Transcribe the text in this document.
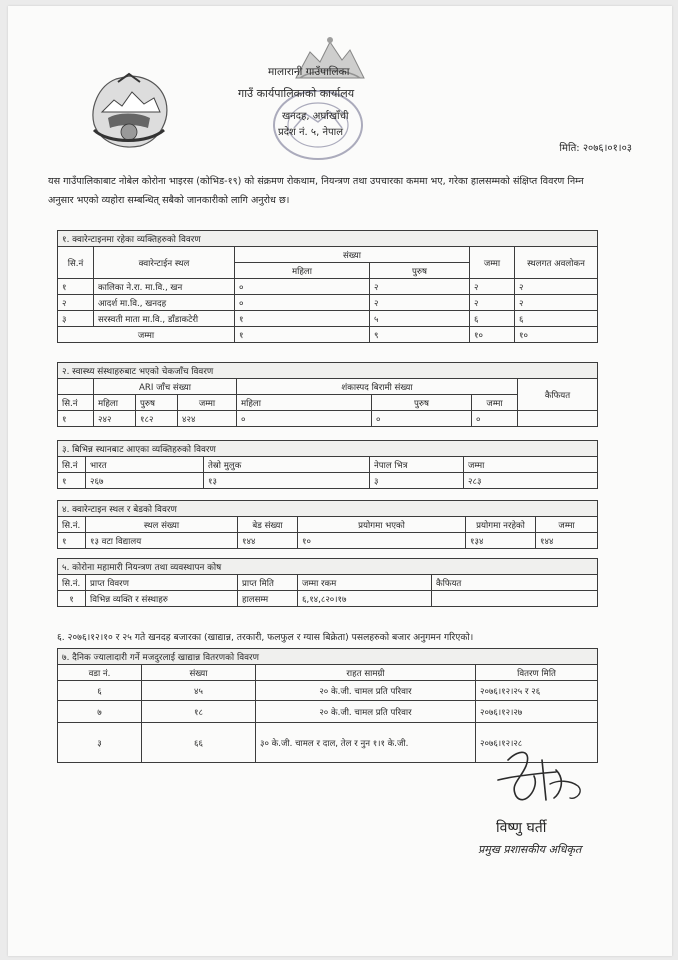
मालारानी गाउँपालिका
गाउँ कार्यपालिकाको कार्यालय
खनदह, अर्घाखाँची
प्रदेश नं. ५, नेपाल
मिति: २०७६।०१।०३
यस गाउँपालिकाबाट नोबेल कोरोना भाइरस (कोभिड-१९) को संक्रमण रोकथाम, नियन्त्रण तथा उपचारका कममा भए, गरेका हालसम्मको संक्षिप्त विवरण निम्न अनुसार भएको व्यहोरा सम्बन्धित् सबैको जानकारीको लागि अनुरोध छ।
१. क्वारेन्टाइनमा रहेका व्यक्तिहरुको विवरण					
सि.नं	क्वारेन्टाईन स्थल	संख्या		जम्मा	स्थलगत अवलोकन
		महिला	पुरुष		
१	कालिका ने.रा. मा.वि., खन	०	२	२	२
२	आदर्श मा.वि., खनदह	०	२	२	२
३	सरस्वती माता मा.वि., डाँडाकटेरी	१	५	६	६
जम्मा		१	९	१०	१०
२. स्वास्थ्य संस्थाहरुबाट भएको चेकजाँच विवरण							
	ARI जाँच संख्या			शंकास्पद बिरामी संख्या			कैफियत
सि.नं	महिला	पुरुष	जम्मा	महिला	पुरुष	जम्मा	
१	२४२	१८२	४२४	०	०	०	
३. बिभिन्न स्थानबाट आएका व्यक्तिहरुको विवरण				
सि.नं	भारत	तेस्रो मुलुक	नेपाल भित्र	जम्मा
१	२६७	१३	३	२८३
४. क्वारेन्टाइन स्थल र बेडको विवरण					
सि.नं.	स्थल संख्या	बेड संख्या	प्रयोगमा भएको	प्रयोगमा नरहेको	जम्मा
१	१३ वटा विद्यालय	१४४	१०	१३४	१४४
५. कोरोना महामारी नियन्त्रण तथा व्यवस्थापन कोष				
सि.नं.	प्राप्त विवरण	प्राप्त मिति	जम्मा रकम	कैफियत
१	विभिन्न व्यक्ति र संस्थाहरु	हालसम्म	६,१४,८२०।१७	
६. २०७६।१२।१० र २५ गते खनदह बजारका (खाद्यान्न, तरकारी, फलफुल र ग्यास बिक्रेता) पसलहरुको बजार अनुगमन गरिएको।
७. दैनिक ज्यालादारी गर्ने मजदुरलाई खाद्यान्न वितरणको विवरण			
वडा नं.	संख्या	राहत सामग्री	वितरण मिति
६	४५	२० के.जी. चामल प्रति परिवार	२०७६।१२।२५ र २६
७	१८	२० के.जी. चामल प्रति परिवार	२०७६।१२।२७
३	६६	३० के.जी. चामल र दाल, तेल र नुन १।१ के.जी.	२०७६।१२।२८
विष्णु घर्ती
प्रमुख प्रशासकीय अधिकृत
